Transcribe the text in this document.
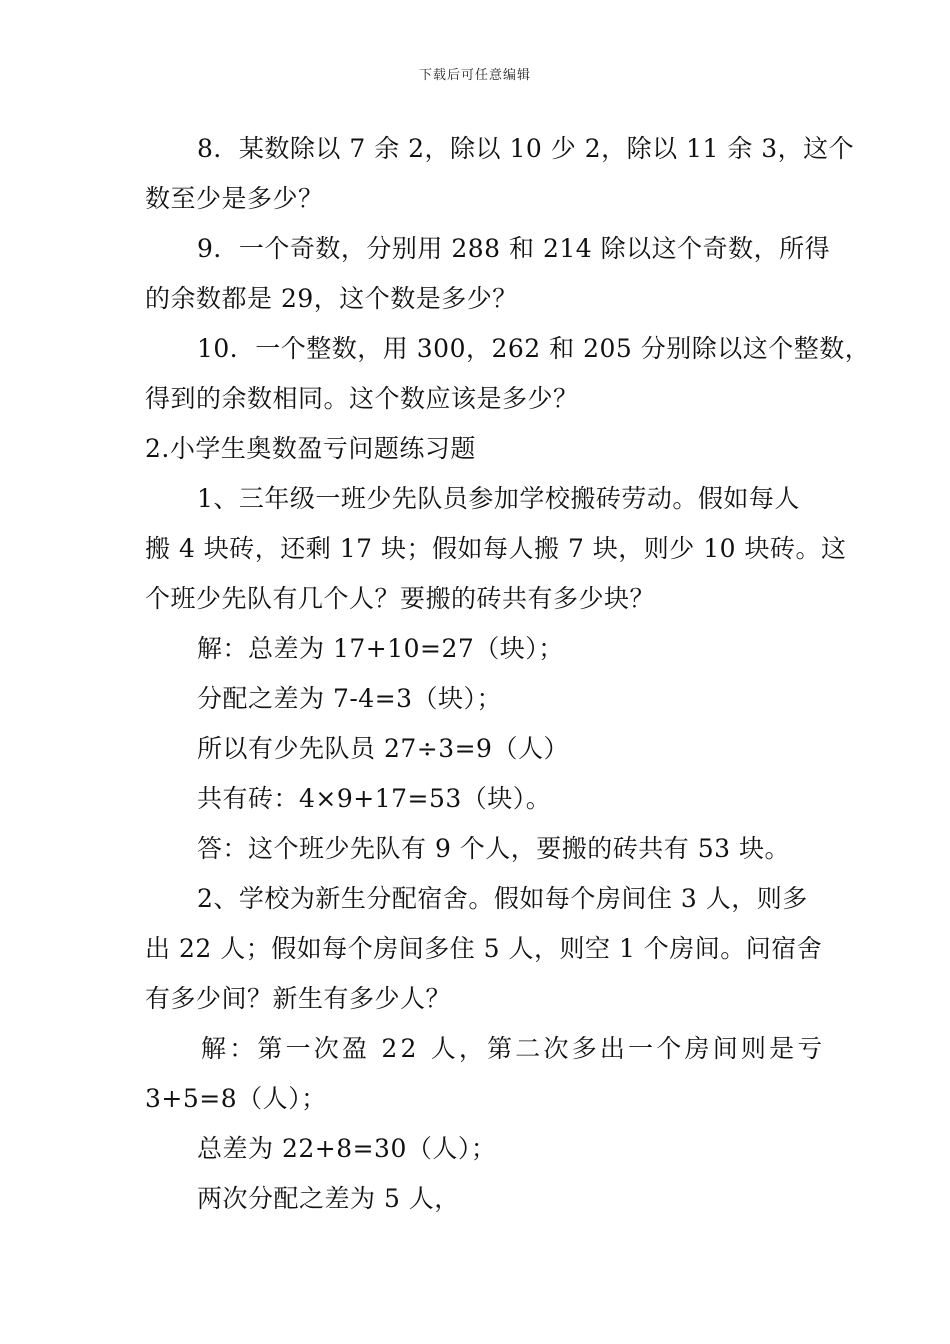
下载后可任意编辑
8．某数除以 7 余 2，除以 10 少 2，除以 11 余 3，这个
数至少是多少？
9．一个奇数，分别用 288 和 214 除以这个奇数，所得
的余数都是 29，这个数是多少？
10．一个整数，用 300，262 和 205 分别除以这个整数，
得到的余数相同。这个数应该是多少？
2.小学生奥数盈亏问题练习题
1、三年级一班少先队员参加学校搬砖劳动。假如每人
搬 4 块砖，还剩 17 块；假如每人搬 7 块，则少 10 块砖。这
个班少先队有几个人？要搬的砖共有多少块？
解：总差为 17+10=27（块）；
分配之差为 7-4=3（块）；
所以有少先队员 27÷3=9（人）
共有砖：4×9+17=53（块）。
答：这个班少先队有 9 个人，要搬的砖共有 53 块。
2、学校为新生分配宿舍。假如每个房间住 3 人，则多
出 22 人；假如每个房间多住 5 人，则空 1 个房间。问宿舍
有多少间？新生有多少人？
解：第一次盈 22 人，第二次多出一个房间则是亏
3+5=8（人）；
总差为 22+8=30（人）；
两次分配之差为 5 人，
